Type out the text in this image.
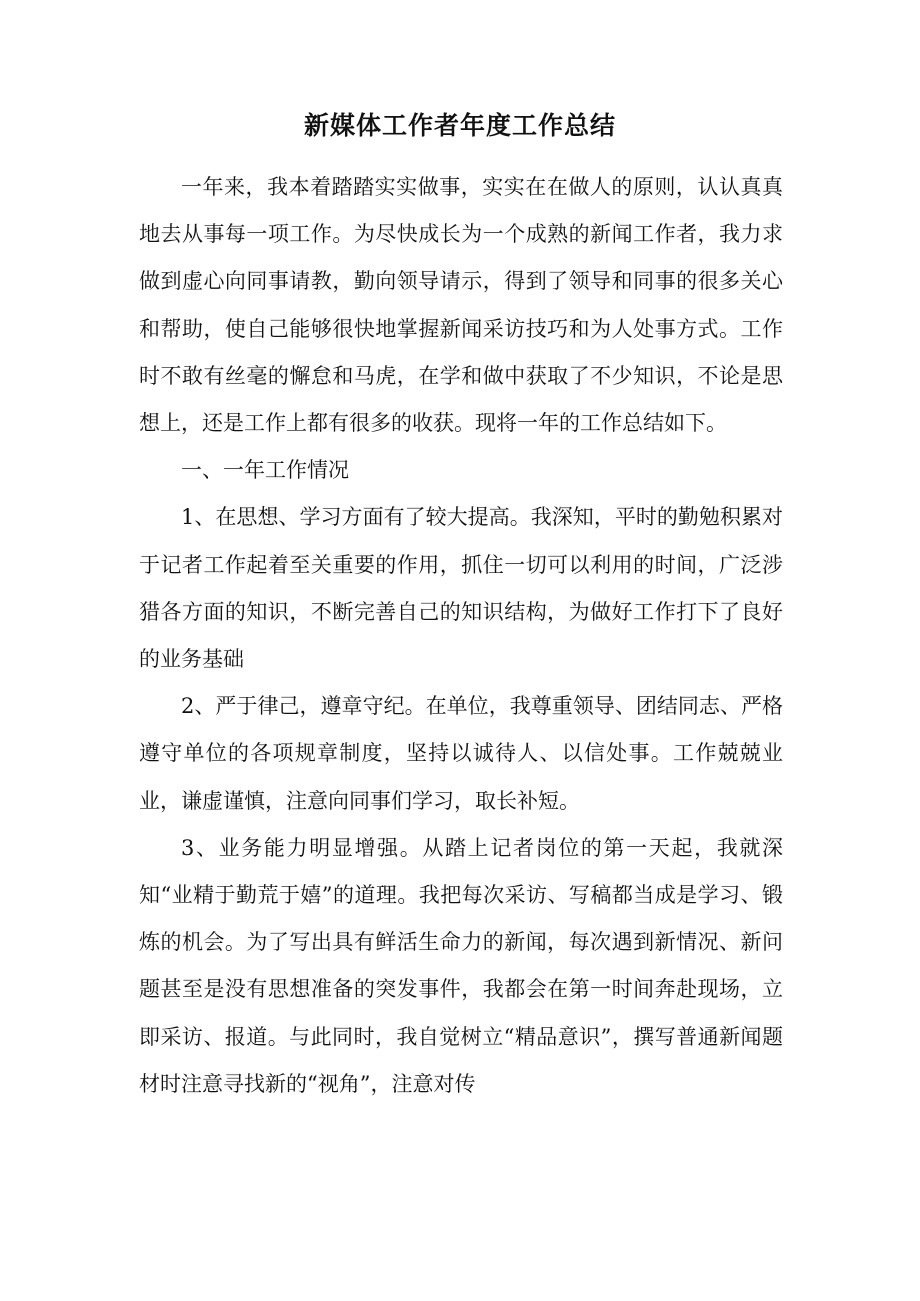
新媒体工作者年度工作总结

一年来，我本着踏踏实实做事，实实在在做人的原则，认认真真地去从事每一项工作。为尽快成长为一个成熟的新闻工作者，我力求做到虚心向同事请教，勤向领导请示，得到了领导和同事的很多关心和帮助，使自己能够很快地掌握新闻采访技巧和为人处事方式。工作时不敢有丝毫的懈怠和马虎，在学和做中获取了不少知识，不论是思想上，还是工作上都有很多的收获。现将一年的工作总结如下。

一、一年工作情况

1、在思想、学习方面有了较大提高。我深知，平时的勤勉积累对于记者工作起着至关重要的作用，抓住一切可以利用的时间，广泛涉猎各方面的知识，不断完善自己的知识结构，为做好工作打下了良好的业务基础

2、严于律己，遵章守纪。在单位，我尊重领导、团结同志、严格遵守单位的各项规章制度，坚持以诚待人、以信处事。工作兢兢业业，谦虚谨慎，注意向同事们学习，取长补短。

3、业务能力明显增强。从踏上记者岗位的第一天起，我就深知“业精于勤荒于嬉”的道理。我把每次采访、写稿都当成是学习、锻炼的机会。为了写出具有鲜活生命力的新闻，每次遇到新情况、新问题甚至是没有思想准备的突发事件，我都会在第一时间奔赴现场，立即采访、报道。与此同时，我自觉树立“精品意识”，撰写普通新闻题材时注意寻找新的“视角”，注意对传
